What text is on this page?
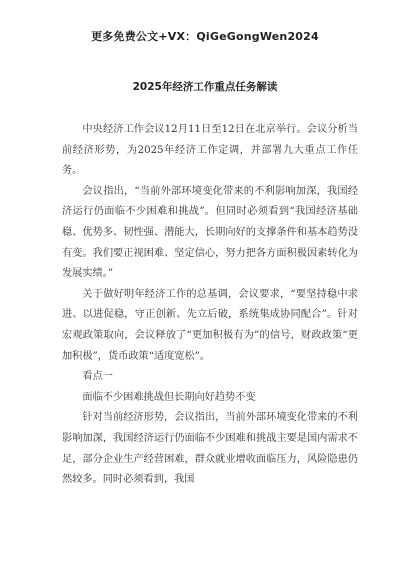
更多免费公文+VX：QiGeGongWen2024
2025年经济工作重点任务解读

中央经济工作会议12月11日至12日在北京举行。会议分析当前经济形势，为2025年经济工作定调，并部署九大重点工作任务。

会议指出，“当前外部环境变化带来的不利影响加深，我国经济运行仍面临不少困难和挑战”。但同时必须看到“我国经济基础稳、优势多、韧性强、潜能大，长期向好的支撑条件和基本趋势没有变。我们要正视困难、坚定信心，努力把各方面积极因素转化为发展实绩。”

关于做好明年经济工作的总基调，会议要求，“要坚持稳中求进、以进促稳，守正创新、先立后破，系统集成协同配合”。针对宏观政策取向，会议释放了“更加积极有为”的信号，财政政策“更加积极”，货币政策“适度宽松”。

看点一

面临不少困难挑战但长期向好趋势不变

针对当前经济形势，会议指出，当前外部环境变化带来的不利影响加深，我国经济运行仍面临不少困难和挑战主要是国内需求不足，部分企业生产经营困难，群众就业增收面临压力，风险隐患仍然较多。同时必须看到，我国
